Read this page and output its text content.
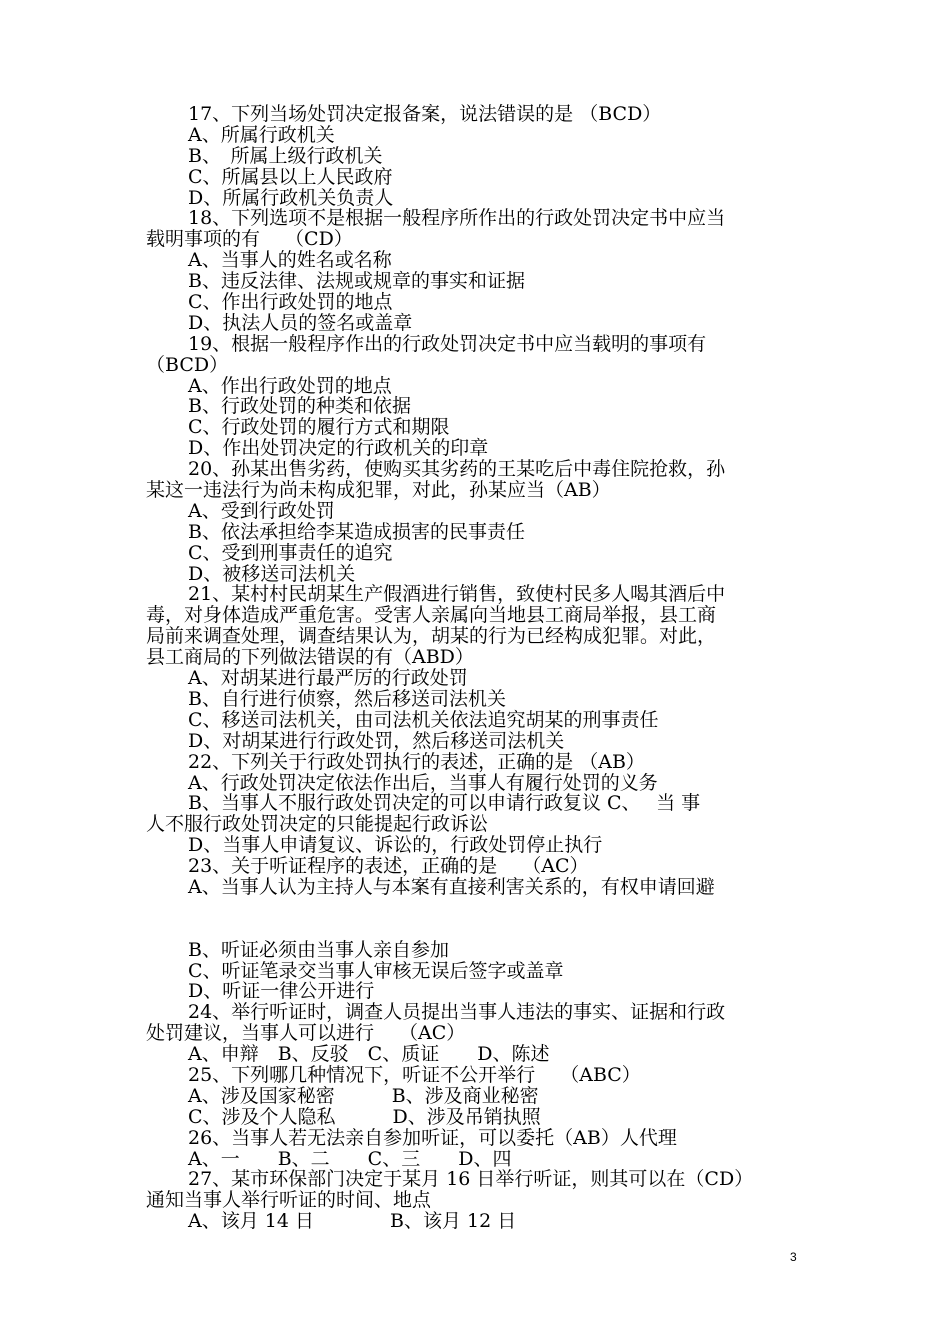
17、下列当场处罚决定报备案，说法错误的是 （BCD）
A、所属行政机关
B、　所属上级行政机关
C、所属县以上人民政府
D、所属行政机关负责人
18、下列选项不是根据一般程序所作出的行政处罚决定书中应当
载明事项的有　 （CD）
A、当事人的姓名或名称
B、违反法律、法规或规章的事实和证据
C、作出行政处罚的地点
D、执法人员的签名或盖章
19、根据一般程序作出的行政处罚决定书中应当载明的事项有
（BCD）
A、作出行政处罚的地点
B、行政处罚的种类和依据
C、行政处罚的履行方式和期限
D、作出处罚决定的行政机关的印章
20、孙某出售劣药，使购买其劣药的王某吃后中毒住院抢救，孙
某这一违法行为尚未构成犯罪，对此，孙某应当（AB）
A、受到行政处罚
B、依法承担给李某造成损害的民事责任
C、受到刑事责任的追究
D、被移送司法机关
21、某村村民胡某生产假酒进行销售，致使村民多人喝其酒后中
毒，对身体造成严重危害。受害人亲属向当地县工商局举报，县工商
局前来调查处理，调查结果认为，胡某的行为已经构成犯罪。对此，
县工商局的下列做法错误的有（ABD）
A、对胡某进行最严厉的行政处罚
B、自行进行侦察，然后移送司法机关
C、移送司法机关，由司法机关依法追究胡某的刑事责任
D、对胡某进行行政处罚，然后移送司法机关
22、下列关于行政处罚执行的表述，正确的是 （AB）
A、行政处罚决定依法作出后，当事人有履行处罚的义务
B、当事人不服行政处罚决定的可以申请行政复议 C、　 当 事
人不服行政处罚决定的只能提起行政诉讼
D、当事人申请复议、诉讼的，行政处罚停止执行
23、关于听证程序的表述，正确的是　 （AC）
A、当事人认为主持人与本案有直接利害关系的，有权申请回避
B、听证必须由当事人亲自参加
C、听证笔录交当事人审核无误后签字或盖章
D、听证一律公开进行
24、举行听证时，调查人员提出当事人违法的事实、证据和行政
处罚建议，当事人可以进行　 （AC）
A、申辩　B、反驳　C、质证　　D、陈述
25、下列哪几种情况下，听证不公开举行　 （ABC）
A、涉及国家秘密　　　B、涉及商业秘密
C、涉及个人隐私　　　D、涉及吊销执照
26、当事人若无法亲自参加听证，可以委托（AB）人代理
A、一　　B、二　　C、三　　D、四
27、某市环保部门决定于某月 16 日举行听证，则其可以在（CD）
通知当事人举行听证的时间、地点
A、该月 14 日　　　　B、该月 12 日
3
